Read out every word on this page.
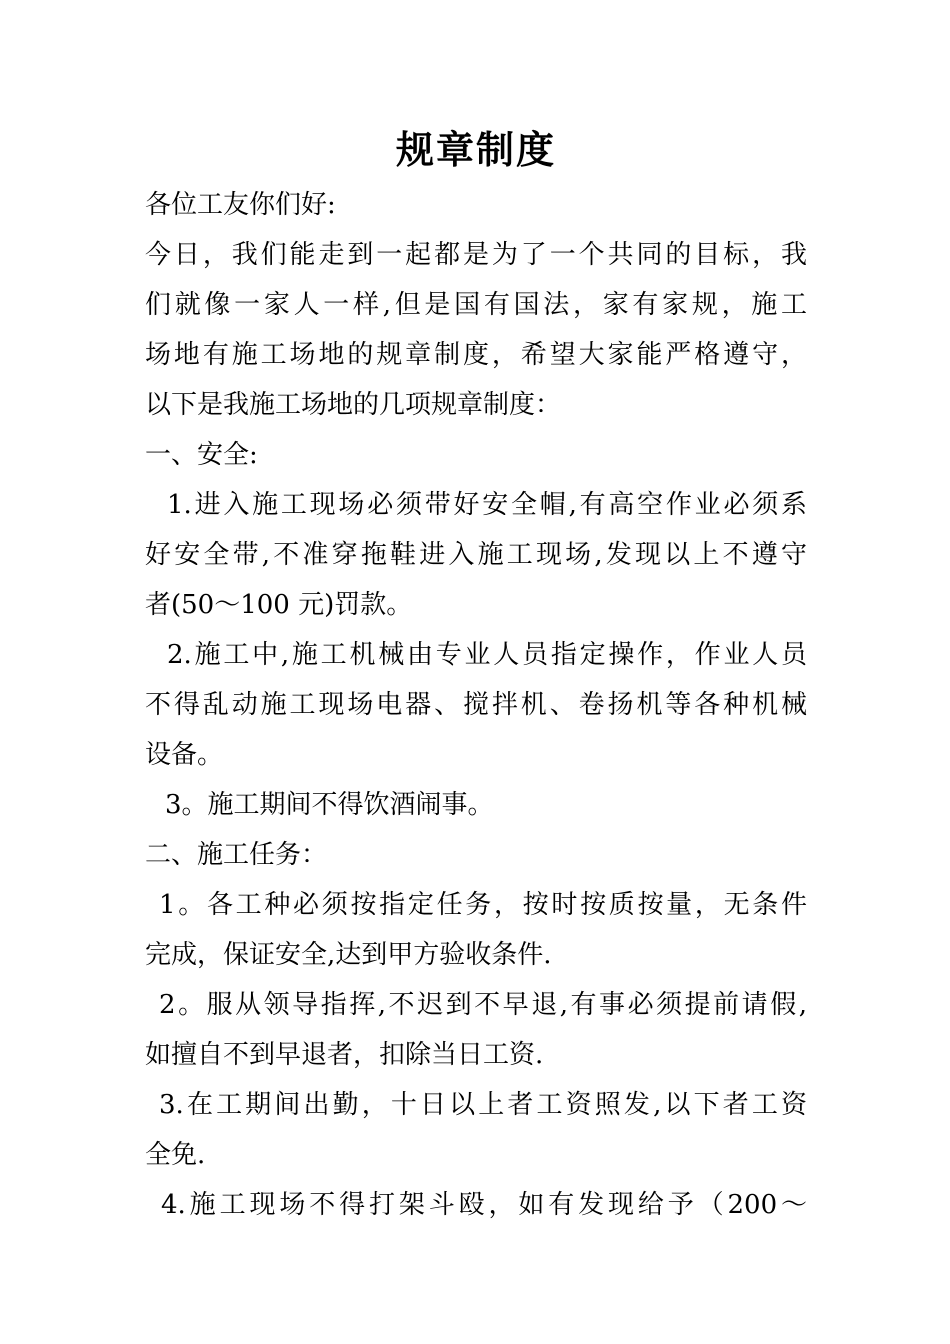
规章制度

各位工友你们好:

今日，我们能走到一起都是为了一个共同的目标，我

们就像一家人一样,但是国有国法，家有家规，施工

场地有施工场地的规章制度，希望大家能严格遵守，

以下是我施工场地的几项规章制度：

一、安全:

1.进入施工现场必须带好安全帽,有高空作业必须系

好安全带,不准穿拖鞋进入施工现场,发现以上不遵守

者(50～100 元)罚款。

2.施工中,施工机械由专业人员指定操作，作业人员

不得乱动施工现场电器、搅拌机、卷扬机等各种机械

设备。

3。施工期间不得饮酒闹事。

二、施工任务：

1。各工种必须按指定任务，按时按质按量，无条件

完成，保证安全,达到甲方验收条件.

2。服从领导指挥,不迟到不早退,有事必须提前请假,

如擅自不到早退者，扣除当日工资.

3.在工期间出勤，十日以上者工资照发,以下者工资

全免.

4.施工现场不得打架斗殴，如有发现给予（200～
